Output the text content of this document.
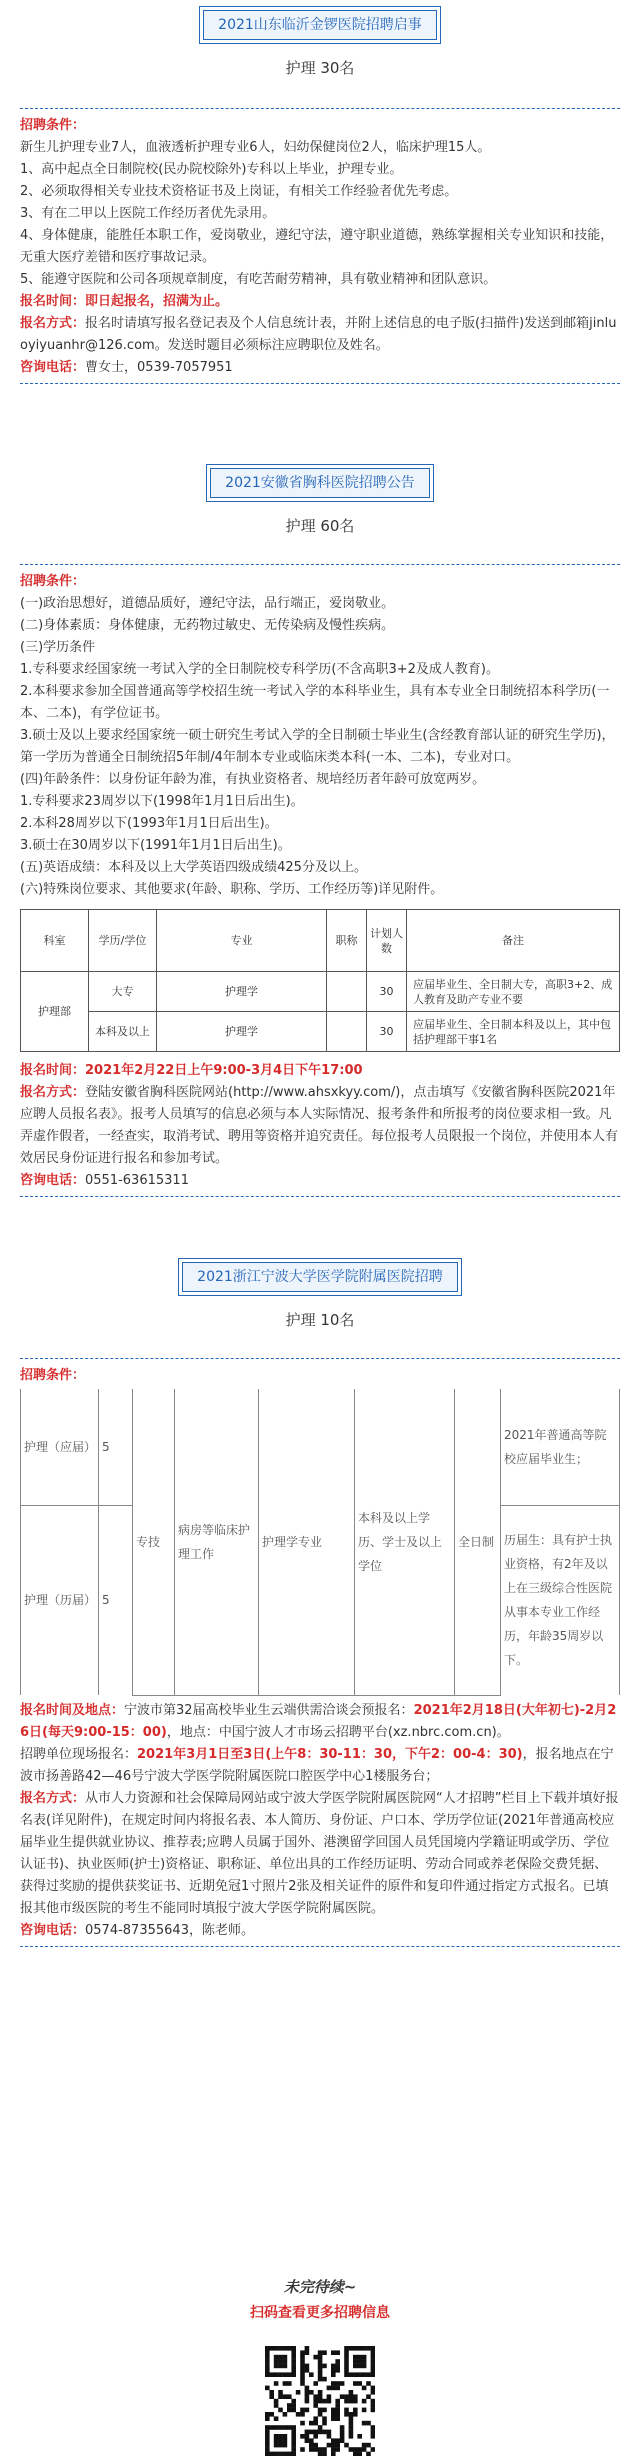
2021山东临沂金锣医院招聘启事
护理 30名
招聘条件：
新生儿护理专业7人，血液透析护理专业6人，妇幼保健岗位2人，临床护理15人。
1、高中起点全日制院校(民办院校除外)专科以上毕业，护理专业。
2、必须取得相关专业技术资格证书及上岗证，有相关工作经验者优先考虑。
3、有在二甲以上医院工作经历者优先录用。
4、身体健康，能胜任本职工作，爱岗敬业，遵纪守法，遵守职业道德，熟练掌握相关专业知识和技能，无重大医疗差错和医疗事故记录。
5、能遵守医院和公司各项规章制度，有吃苦耐劳精神，具有敬业精神和团队意识。
报名时间：即日起报名，招满为止。
报名方式：报名时请填写报名登记表及个人信息统计表，并附上述信息的电子版(扫描件)发送到邮箱jinluoyiyuanhr@126.com。发送时题目必须标注应聘职位及姓名。
咨询电话：曹女士，0539-7057951
2021安徽省胸科医院招聘公告
护理 60名
招聘条件：
(一)政治思想好，道德品质好，遵纪守法，品行端正，爱岗敬业。
(二)身体素质：身体健康，无药物过敏史、无传染病及慢性疾病。
(三)学历条件
1.专科要求经国家统一考试入学的全日制院校专科学历(不含高职3+2及成人教育)。
2.本科要求参加全国普通高等学校招生统一考试入学的本科毕业生，具有本专业全日制统招本科学历(一本、二本)，有学位证书。
3.硕士及以上要求经国家统一硕士研究生考试入学的全日制硕士毕业生(含经教育部认证的研究生学历)，第一学历为普通全日制统招5年制/4年制本专业或临床类本科(一本、二本)，专业对口。
(四)年龄条件：以身份证年龄为准，有执业资格者、规培经历者年龄可放宽两岁。
1.专科要求23周岁以下(1998年1月1日后出生)。
2.本科28周岁以下(1993年1月1日后出生)。
3.硕士在30周岁以下(1991年1月1日后出生)。
(五)英语成绩：本科及以上大学英语四级成绩425分及以上。
(六)特殊岗位要求、其他要求(年龄、职称、学历、工作经历等)详见附件。
科室	学历/学位	专业	职称	计划人数	备注
护理部	大专	护理学		30	应届毕业生、全日制大专，高职3+2、成人教育及助产专业不要
	本科及以上	护理学		30	应届毕业生、全日制本科及以上，其中包括护理部干事1名
报名时间：2021年2月22日上午9:00-3月4日下午17:00
报名方式：登陆安徽省胸科医院网站(http://www.ahsxkyy.com/)，点击填写《安徽省胸科医院2021年应聘人员报名表》。报考人员填写的信息必须与本人实际情况、报考条件和所报考的岗位要求相一致。凡弄虚作假者，一经查实，取消考试、聘用等资格并追究责任。每位报考人员限报一个岗位，并使用本人有效居民身份证进行报名和参加考试。
咨询电话：0551-63615311
2021浙江宁波大学医学院附属医院招聘
护理 10名
招聘条件：
护理（应届）	5	专技	病房等临床护理工作	护理学专业	本科及以上学历、学士及以上学位	全日制	2021年普通高等院校应届毕业生；
护理（历届）	5						历届生：具有护士执业资格，有2年及以上在三级综合性医院从事本专业工作经历，年龄35周岁以下。
报名时间及地点：宁波市第32届高校毕业生云端供需洽谈会预报名：2021年2月18日(大年初七)-2月26日(每天9:00-15：00)，地点：中国宁波人才市场云招聘平台(xz.nbrc.com.cn)。
招聘单位现场报名：2021年3月1日至3日(上午8：30-11：30，下午2：00-4：30)，报名地点在宁波市扬善路42—46号宁波大学医学院附属医院口腔医学中心1楼服务台；
报名方式：从市人力资源和社会保障局网站或宁波大学医学院附属医院网“人才招聘”栏目上下载并填好报名表(详见附件)，在规定时间内将报名表、本人简历、身份证、户口本、学历学位证(2021年普通高校应届毕业生提供就业协议、推荐表;应聘人员属于国外、港澳留学回国人员凭国境内学籍证明或学历、学位认证书)、执业医师(护士)资格证、职称证、单位出具的工作经历证明、劳动合同或养老保险交费凭据、获得过奖励的提供获奖证书、近期免冠1寸照片2张及相关证件的原件和复印件通过指定方式报名。已填报其他市级医院的考生不能同时填报宁波大学医学院附属医院。
咨询电话：0574-87355643，陈老师。
未完待续~
扫码查看更多招聘信息
